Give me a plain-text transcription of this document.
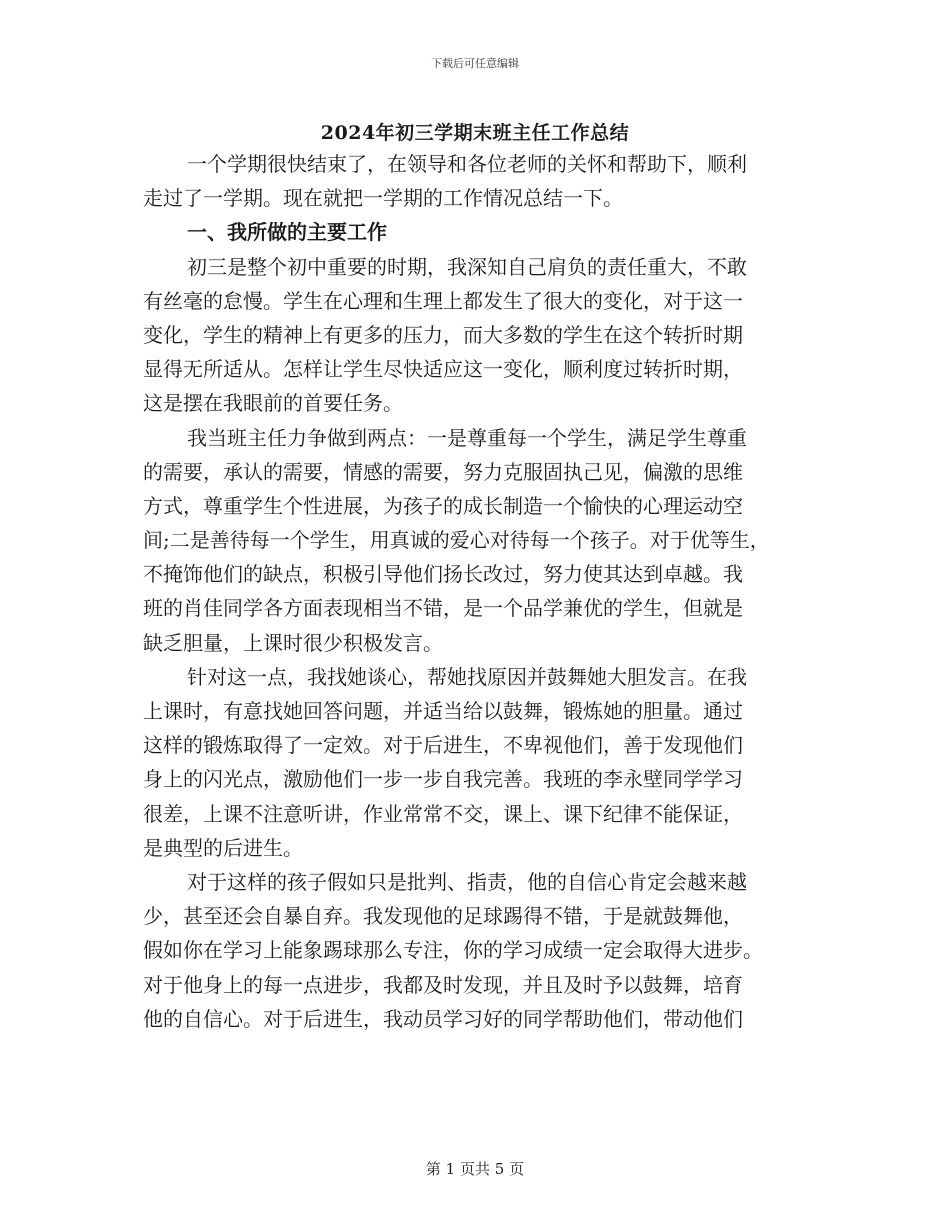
下载后可任意编辑
2024年初三学期末班主任工作总结
一个学期很快结束了，在领导和各位老师的关怀和帮助下，顺利
走过了一学期。现在就把一学期的工作情况总结一下。
一、我所做的主要工作
初三是整个初中重要的时期，我深知自己肩负的责任重大，不敢
有丝毫的怠慢。学生在心理和生理上都发生了很大的变化，对于这一
变化，学生的精神上有更多的压力，而大多数的学生在这个转折时期
显得无所适从。怎样让学生尽快适应这一变化，顺利度过转折时期，
这是摆在我眼前的首要任务。
我当班主任力争做到两点：一是尊重每一个学生，满足学生尊重
的需要，承认的需要，情感的需要，努力克服固执己见，偏激的思维
方式，尊重学生个性进展，为孩子的成长制造一个愉快的心理运动空
间;二是善待每一个学生，用真诚的爱心对待每一个孩子。对于优等生，
不掩饰他们的缺点，积极引导他们扬长改过，努力使其达到卓越。我
班的肖佳同学各方面表现相当不错，是一个品学兼优的学生，但就是
缺乏胆量，上课时很少积极发言。
针对这一点，我找她谈心，帮她找原因并鼓舞她大胆发言。在我
上课时，有意找她回答问题，并适当给以鼓舞，锻炼她的胆量。通过
这样的锻炼取得了一定效。对于后进生，不卑视他们，善于发现他们
身上的闪光点，激励他们一步一步自我完善。我班的李永壁同学学习
很差，上课不注意听讲，作业常常不交，课上、课下纪律不能保证，
是典型的后进生。
对于这样的孩子假如只是批判、指责，他的自信心肯定会越来越
少，甚至还会自暴自弃。我发现他的足球踢得不错，于是就鼓舞他，
假如你在学习上能象踢球那么专注，你的学习成绩一定会取得大进步。
对于他身上的每一点进步，我都及时发现，并且及时予以鼓舞，培育
他的自信心。对于后进生，我动员学习好的同学帮助他们，带动他们
第 1 页共 5 页
